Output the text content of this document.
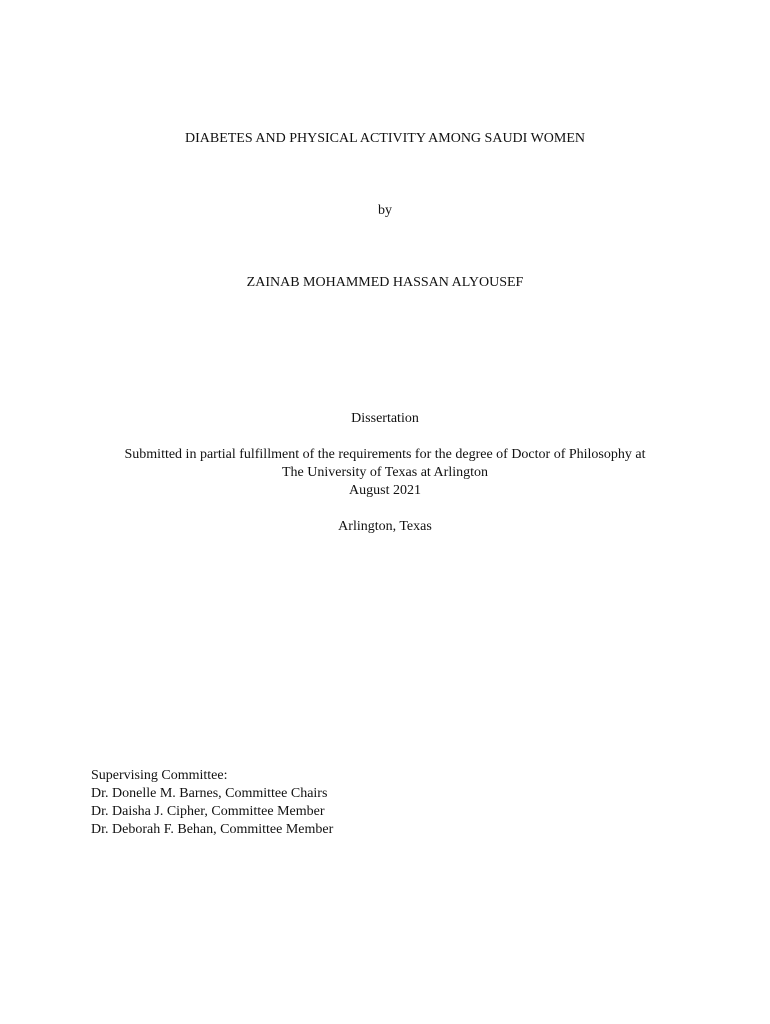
DIABETES AND PHYSICAL ACTIVITY AMONG SAUDI WOMEN
by
ZAINAB MOHAMMED HASSAN ALYOUSEF
Dissertation
Submitted in partial fulfillment of the requirements for the degree of Doctor of Philosophy at
The University of Texas at Arlington
August 2021
Arlington, Texas
Supervising Committee:
Dr. Donelle M. Barnes, Committee Chairs
Dr. Daisha J. Cipher, Committee Member
Dr. Deborah F. Behan, Committee Member
